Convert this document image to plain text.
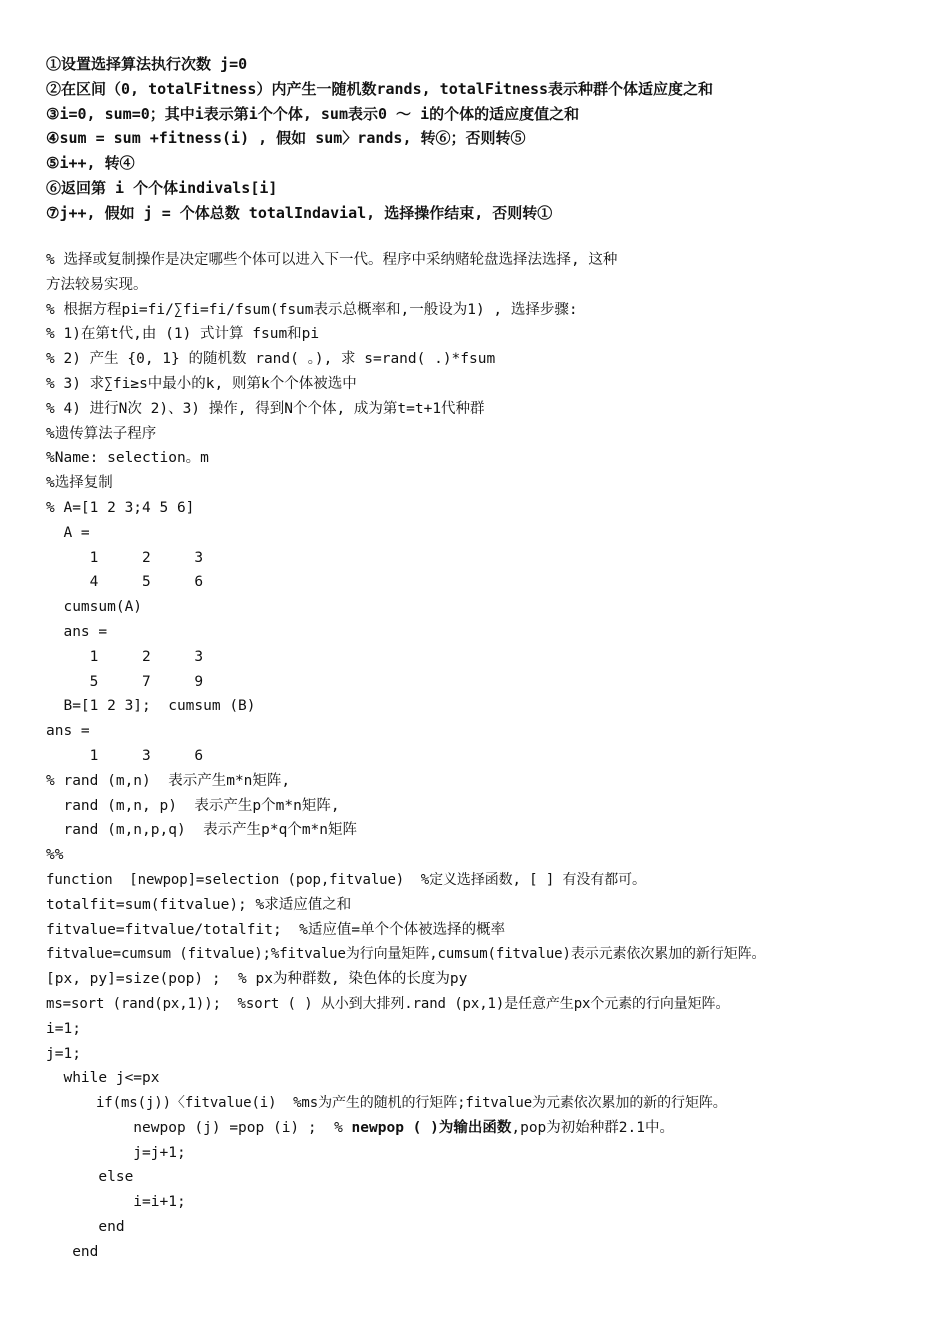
①设置选择算法执行次数 j=0
②在区间（0, totalFitness）内产生一随机数rands, totalFitness表示种群个体适应度之和
③i=0, sum=0；其中i表示第i个个体, sum表示0 ～ i的个体的适应度值之和
④sum = sum +fitness(i) , 假如 sum〉rands, 转⑥；否则转⑤
⑤i++, 转④
⑥返回第 i 个个体indivals[i]
⑦j++, 假如 j = 个体总数 totalIndavial, 选择操作结束, 否则转①
% 选择或复制操作是决定哪些个体可以进入下一代。程序中采纳赌轮盘选择法选择, 这种
方法较易实现。
% 根据方程pi=fi/∑fi=fi/fsum(fsum表示总概率和,一般设为1) , 选择步骤:
% 1)在第t代,由 (1) 式计算 fsum和pi
% 2) 产生 {0, 1} 的随机数 rand( 。), 求 s=rand( .)*fsum
% 3) 求∑fi≥s中最小的k, 则第k个个体被选中
% 4) 进行N次 2)、3) 操作, 得到N个个体, 成为第t=t+1代种群
%遗传算法子程序
%Name: selection。m
%选择复制
% A=[1 2 3;4 5 6]
A =
1     2     3
4     5     6
cumsum(A)
ans =
1     2     3
5     7     9
B=[1 2 3];  cumsum (B)
ans =
1     3     6
% rand (m,n)  表示产生m*n矩阵,
rand (m,n, p)  表示产生p个m*n矩阵,
rand (m,n,p,q)  表示产生p*q个m*n矩阵
%%
function  [newpop]=selection (pop,fitvalue)  %定义选择函数, [ ] 有没有都可。
totalfit=sum(fitvalue); %求适应值之和
fitvalue=fitvalue/totalfit;  %适应值=单个个体被选择的概率
fitvalue=cumsum (fitvalue);%fitvalue为行向量矩阵,cumsum(fitvalue)表示元素依次累加的新行矩阵。
[px, py]=size(pop) ;  % px为种群数, 染色体的长度为py
ms=sort (rand(px,1));  %sort ( ) 从小到大排列.rand (px,1)是任意产生px个元素的行向量矩阵。
i=1;
j=1;
while j<=px
if(ms(j))〈fitvalue(i)  %ms为产生的随机的行矩阵;fitvalue为元素依次累加的新的行矩阵。
newpop (j) =pop (i) ;  % newpop ( )为输出函数,pop为初始种群2.1中。
j=j+1;
else
i=i+1;
end
end
